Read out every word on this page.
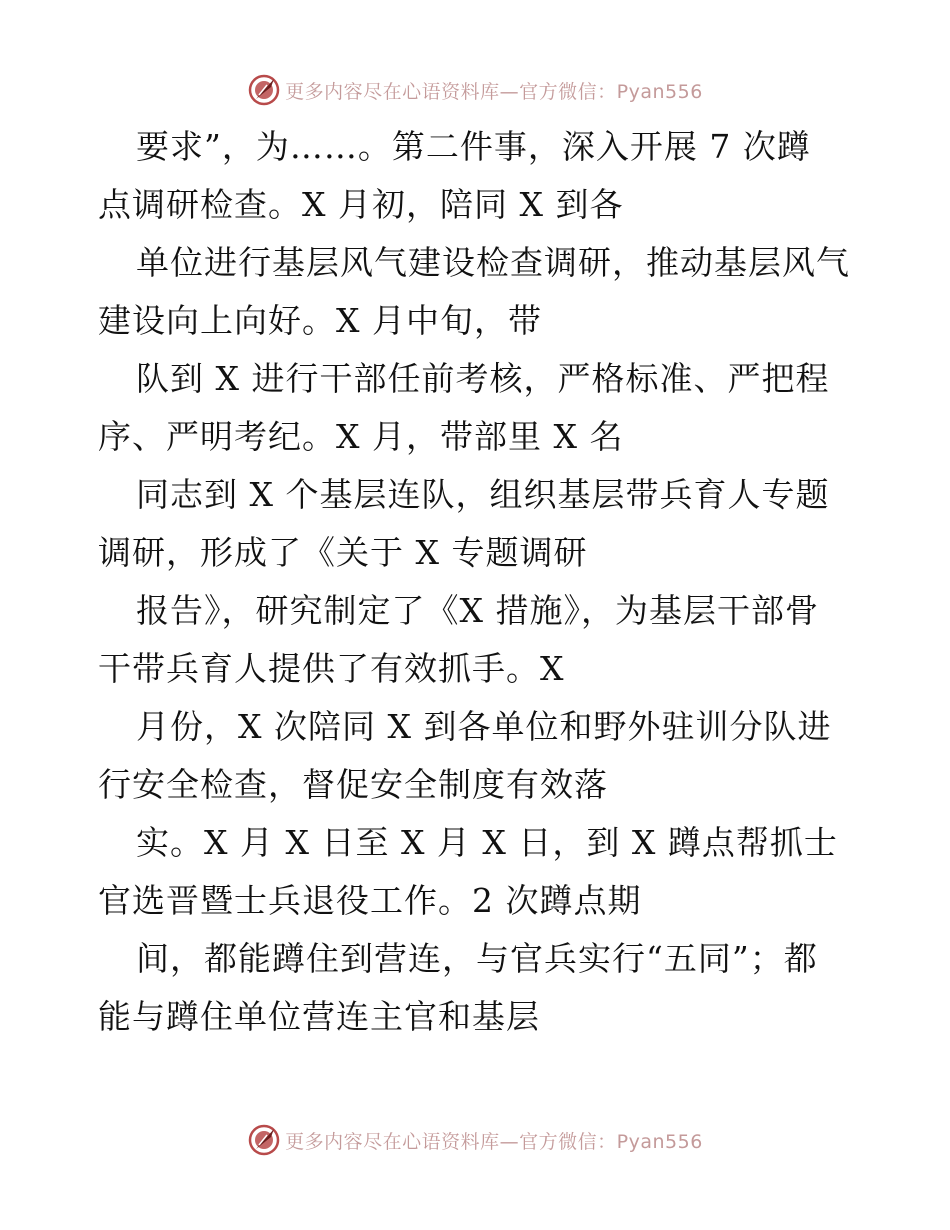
更多内容尽在心语资料库—官方微信：Pyan556
要求”，为……。第二件事，深入开展 7 次蹲
点调研检查。X 月初，陪同 X 到各
单位进行基层风气建设检查调研，推动基层风气
建设向上向好。X 月中旬，带
队到 X 进行干部任前考核，严格标准、严把程
序、严明考纪。X 月，带部里 X 名
同志到 X 个基层连队，组织基层带兵育人专题
调研，形成了《关于 X 专题调研
报告》，研究制定了《X 措施》，为基层干部骨
干带兵育人提供了有效抓手。X
月份，X 次陪同 X 到各单位和野外驻训分队进
行安全检查，督促安全制度有效落
实。X 月 X 日至 X 月 X 日，到 X 蹲点帮抓士
官选晋暨士兵退役工作。2 次蹲点期
间，都能蹲住到营连，与官兵实行“五同”；都
能与蹲住单位营连主官和基层
更多内容尽在心语资料库—官方微信：Pyan556
